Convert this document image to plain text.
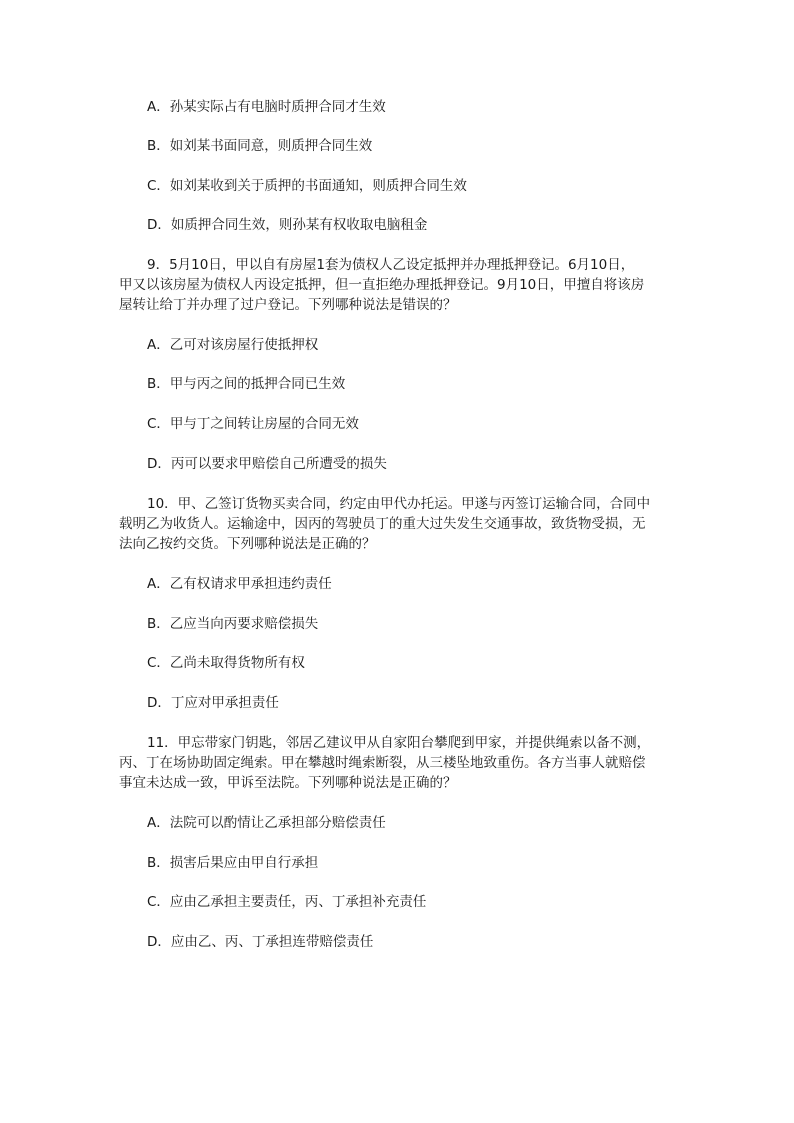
A．孙某实际占有电脑时质押合同才生效
B．如刘某书面同意，则质押合同生效
C．如刘某收到关于质押的书面通知，则质押合同生效
D．如质押合同生效，则孙某有权收取电脑租金
9．5月10日，甲以自有房屋1套为债权人乙设定抵押并办理抵押登记。6月10日，
甲又以该房屋为债权人丙设定抵押，但一直拒绝办理抵押登记。9月10日，甲擅自将该房
屋转让给丁并办理了过户登记。下列哪种说法是错误的？
A．乙可对该房屋行使抵押权
B．甲与丙之间的抵押合同已生效
C．甲与丁之间转让房屋的合同无效
D．丙可以要求甲赔偿自己所遭受的损失
10．甲、乙签订货物买卖合同，约定由甲代办托运。甲遂与丙签订运输合同，合同中
载明乙为收货人。运输途中，因丙的驾驶员丁的重大过失发生交通事故，致货物受损，无
法向乙按约交货。下列哪种说法是正确的？
A．乙有权请求甲承担违约责任
B．乙应当向丙要求赔偿损失
C．乙尚未取得货物所有权
D．丁应对甲承担责任
11．甲忘带家门钥匙，邻居乙建议甲从自家阳台攀爬到甲家，并提供绳索以备不测，
丙、丁在场协助固定绳索。甲在攀越时绳索断裂，从三楼坠地致重伤。各方当事人就赔偿
事宜未达成一致，甲诉至法院。下列哪种说法是正确的？
A．法院可以酌情让乙承担部分赔偿责任
B．损害后果应由甲自行承担
C．应由乙承担主要责任，丙、丁承担补充责任
D．应由乙、丙、丁承担连带赔偿责任
